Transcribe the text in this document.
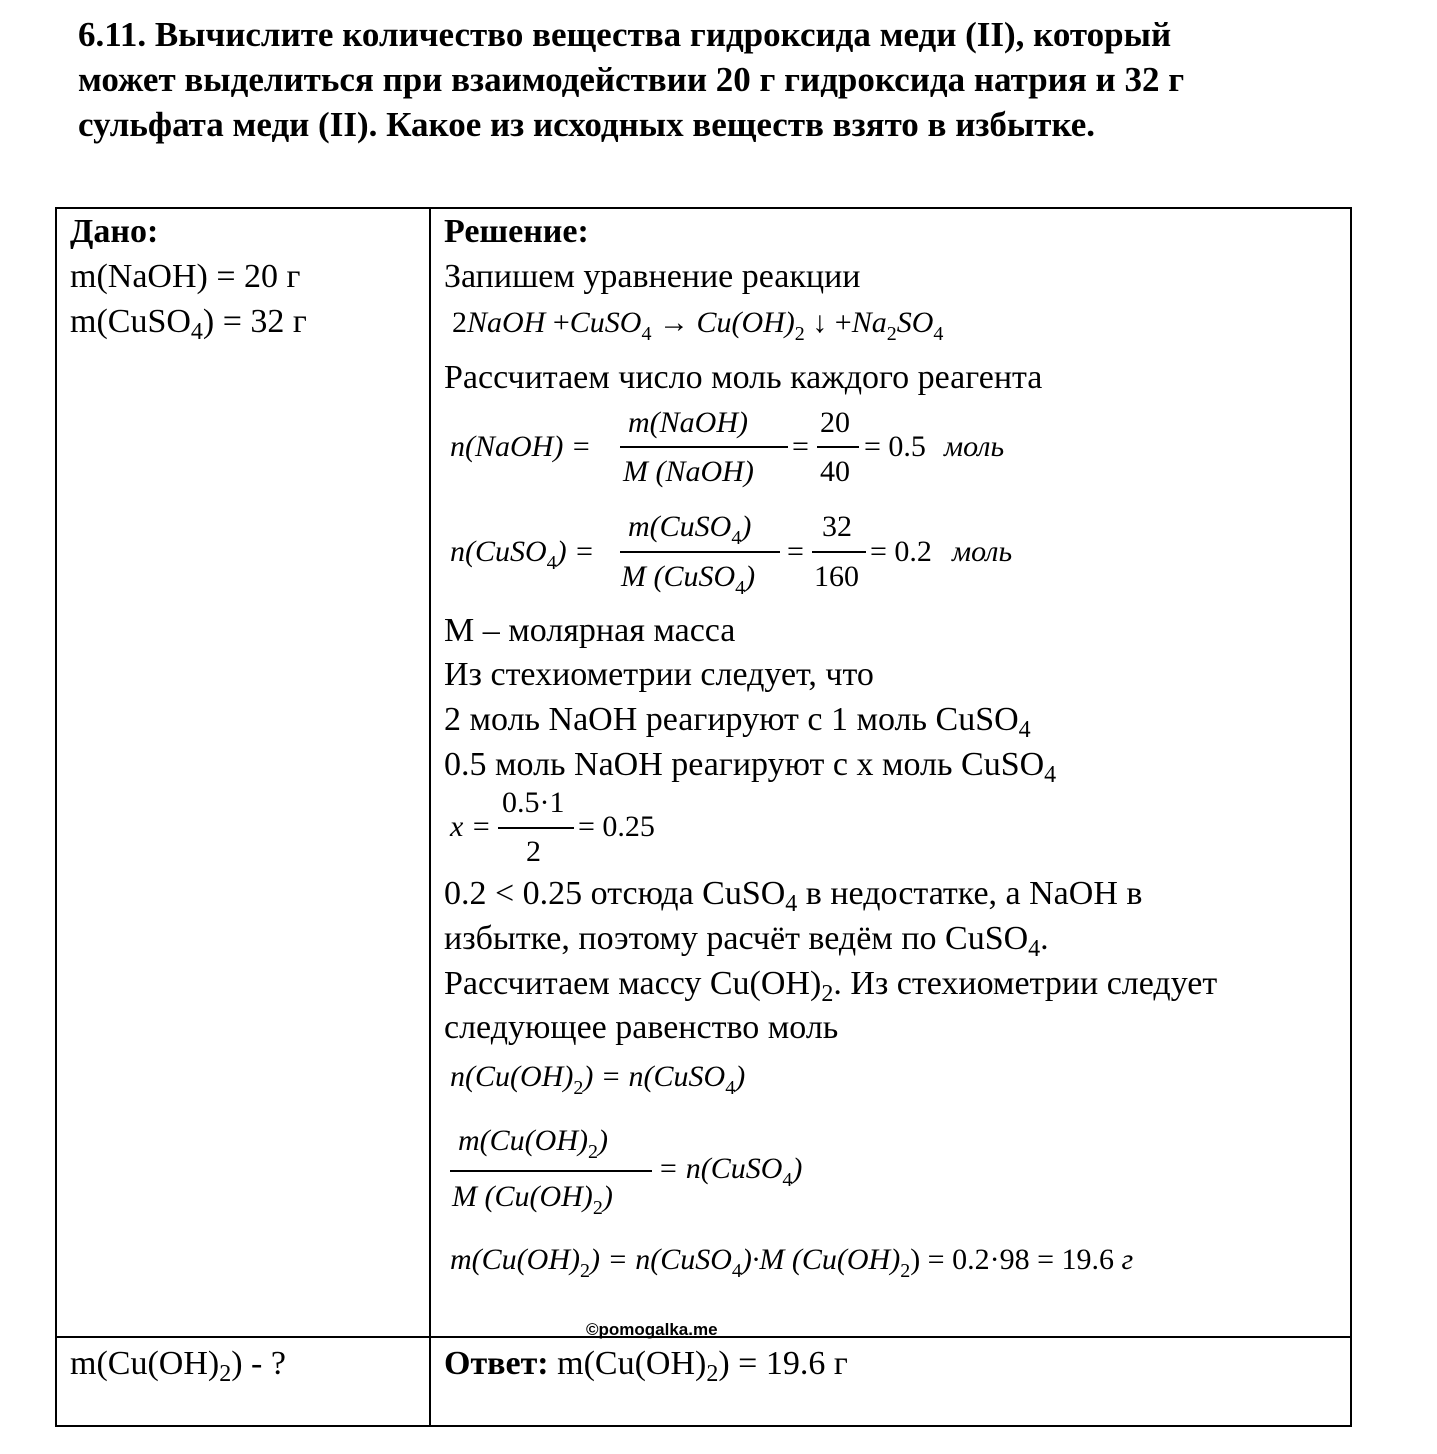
6.11. Вычислите количество вещества гидроксида меди (II), который
может выделиться при взаимодействии 20 г гидроксида натрия и 32 г
сульфата меди (II). Какое из исходных веществ взято в избытке.
Дано:
m(NaOH) = 20 г
m(CuSO$_4$) = 32 г
$m(Cu(OH)_2)$ - ?
Решение:
Запишем уравнение реакции
2NaOH +CuSO$_4$ → $Cu(OH)_2$ ↓ $+Na_2SO_4$
Рассчитаем число моль каждого реагента
n(NaOH) =
m(NaOH)
M (NaOH)
=
20
40
= 0.5 моль
n(CuSO$_4$) =
m(CuSO$_4$)
M (CuSO$_4$)
=
32
160
= 0.2 моль
M – молярная масса
Из стехиометрии следует, что
2 моль NaOH реагируют с 1 моль CuSO$_4$
0.5 моль NaOH реагируют с x моль CuSO$_4$
x =
0.5·1
2
= 0.25
0.2 < 0.25 отсюда CuSO$_4$ в недостатке, а NaOH в
избытке, поэтому расчёт ведём по CuSO$_4$.
Рассчитаем массу $Cu(OH)_2$. Из стехиометрии следует
следующее равенство моль
$n(Cu(OH)_2)$ = n(CuSO$_4$)
$m(Cu(OH)_2)$
M $(Cu(OH)_2)$
= n(CuSO$_4$)
$m(Cu(OH)_2)$ = n(CuSO$_4$)·M $(Cu(OH)_2) = 0.2\cdot 98 = 19.6$ г
©pomogalka.me
Ответ: $m(Cu(OH)_2) = 19.6$ г
